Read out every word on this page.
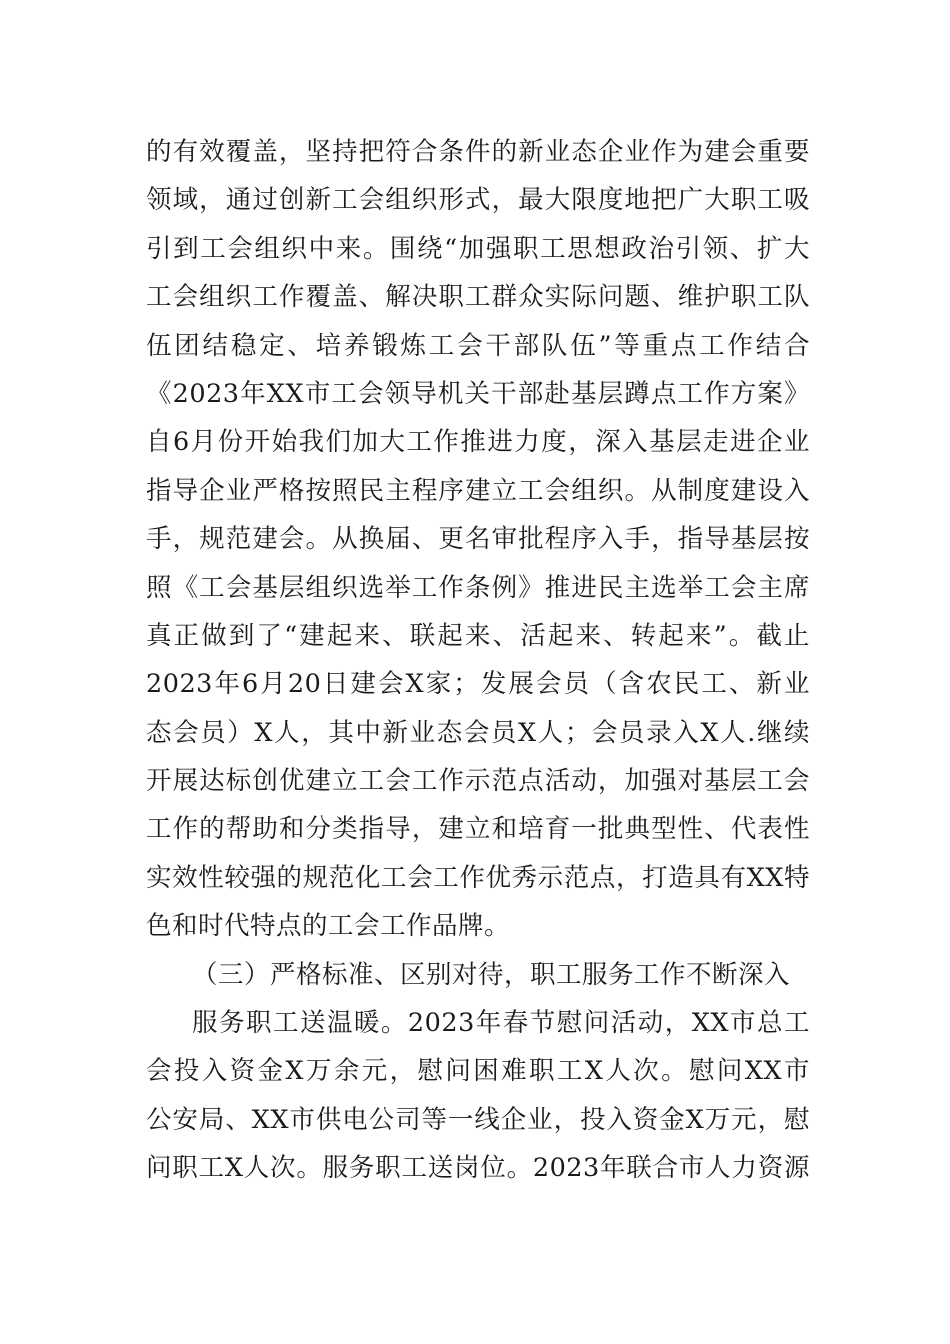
的有效覆盖，坚持把符合条件的新业态企业作为建会重要
领域，通过创新工会组织形式，最大限度地把广大职工吸
引到工会组织中来。围绕“加强职工思想政治引领、扩大
工会组织工作覆盖、解决职工群众实际问题、维护职工队
伍团结稳定、培养锻炼工会干部队伍”等重点工作结合
《2023年XX市工会领导机关干部赴基层蹲点工作方案》
自6月份开始我们加大工作推进力度，深入基层走进企业
指导企业严格按照民主程序建立工会组织。从制度建设入
手，规范建会。从换届、更名审批程序入手，指导基层按
照《工会基层组织选举工作条例》推进民主选举工会主席
真正做到了“建起来、联起来、活起来、转起来”。截止
2023年6月20日建会X家；发展会员（含农民工、新业
态会员）X人，其中新业态会员X人；会员录入X人.继续
开展达标创优建立工会工作示范点活动，加强对基层工会
工作的帮助和分类指导，建立和培育一批典型性、代表性
实效性较强的规范化工会工作优秀示范点，打造具有XX特
色和时代特点的工会工作品牌。
（三）严格标准、区别对待，职工服务工作不断深入
服务职工送温暖。2023年春节慰问活动，XX市总工
会投入资金X万余元，慰问困难职工X人次。慰问XX市
公安局、XX市供电公司等一线企业，投入资金X万元，慰
问职工X人次。服务职工送岗位。2023年联合市人力资源
